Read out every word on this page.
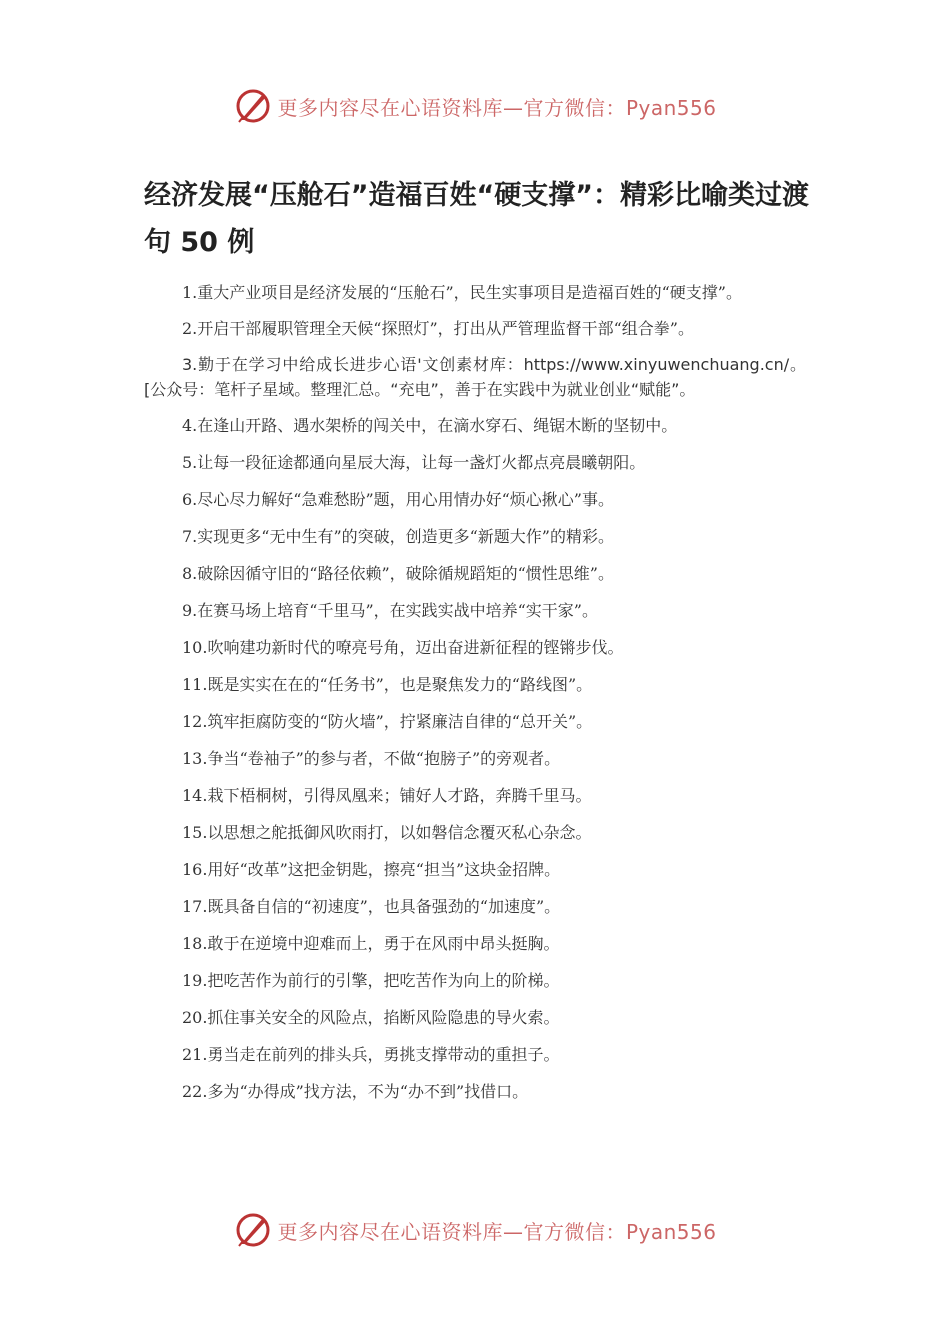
更多内容尽在心语资料库—官方微信：Pyan556
经济发展“压舱石”造福百姓“硬支撑”：精彩比喻类过渡句 50 例

1.重大产业项目是经济发展的“压舱石”，民生实事项目是造福百姓的“硬支撑”。

2.开启干部履职管理全天候“探照灯”，打出从严管理监督干部“组合拳”。

3.勤于在学习中给成长进步心语'文创素材库：https://www.xinyuwenchuang.cn/。[公众号：笔杆子星域。整理汇总。“充电”，善于在实践中为就业创业“赋能”。

4.在逢山开路、遇水架桥的闯关中，在滴水穿石、绳锯木断的坚韧中。
5.让每一段征途都通向星辰大海，让每一盏灯火都点亮晨曦朝阳。
6.尽心尽力解好“急难愁盼”题，用心用情办好“烦心揪心”事。
7.实现更多“无中生有”的突破，创造更多“新题大作”的精彩。
8.破除因循守旧的“路径依赖”，破除循规蹈矩的“惯性思维”。
9.在赛马场上培育“千里马”，在实践实战中培养“实干家”。
10.吹响建功新时代的嘹亮号角，迈出奋进新征程的铿锵步伐。
11.既是实实在在的“任务书”，也是聚焦发力的“路线图”。
12.筑牢拒腐防变的“防火墙”，拧紧廉洁自律的“总开关”。
13.争当“卷袖子”的参与者，不做“抱膀子”的旁观者。
14.栽下梧桐树，引得凤凰来；铺好人才路，奔腾千里马。
15.以思想之舵抵御风吹雨打，以如磐信念覆灭私心杂念。
16.用好“改革”这把金钥匙，擦亮“担当”这块金招牌。
17.既具备自信的“初速度”，也具备强劲的“加速度”。
18.敢于在逆境中迎难而上，勇于在风雨中昂头挺胸。
19.把吃苦作为前行的引擎，把吃苦作为向上的阶梯。
20.抓住事关安全的风险点，掐断风险隐患的导火索。
21.勇当走在前列的排头兵，勇挑支撑带动的重担子。
22.多为“办得成”找方法，不为“办不到”找借口。
更多内容尽在心语资料库—官方微信：Pyan556
